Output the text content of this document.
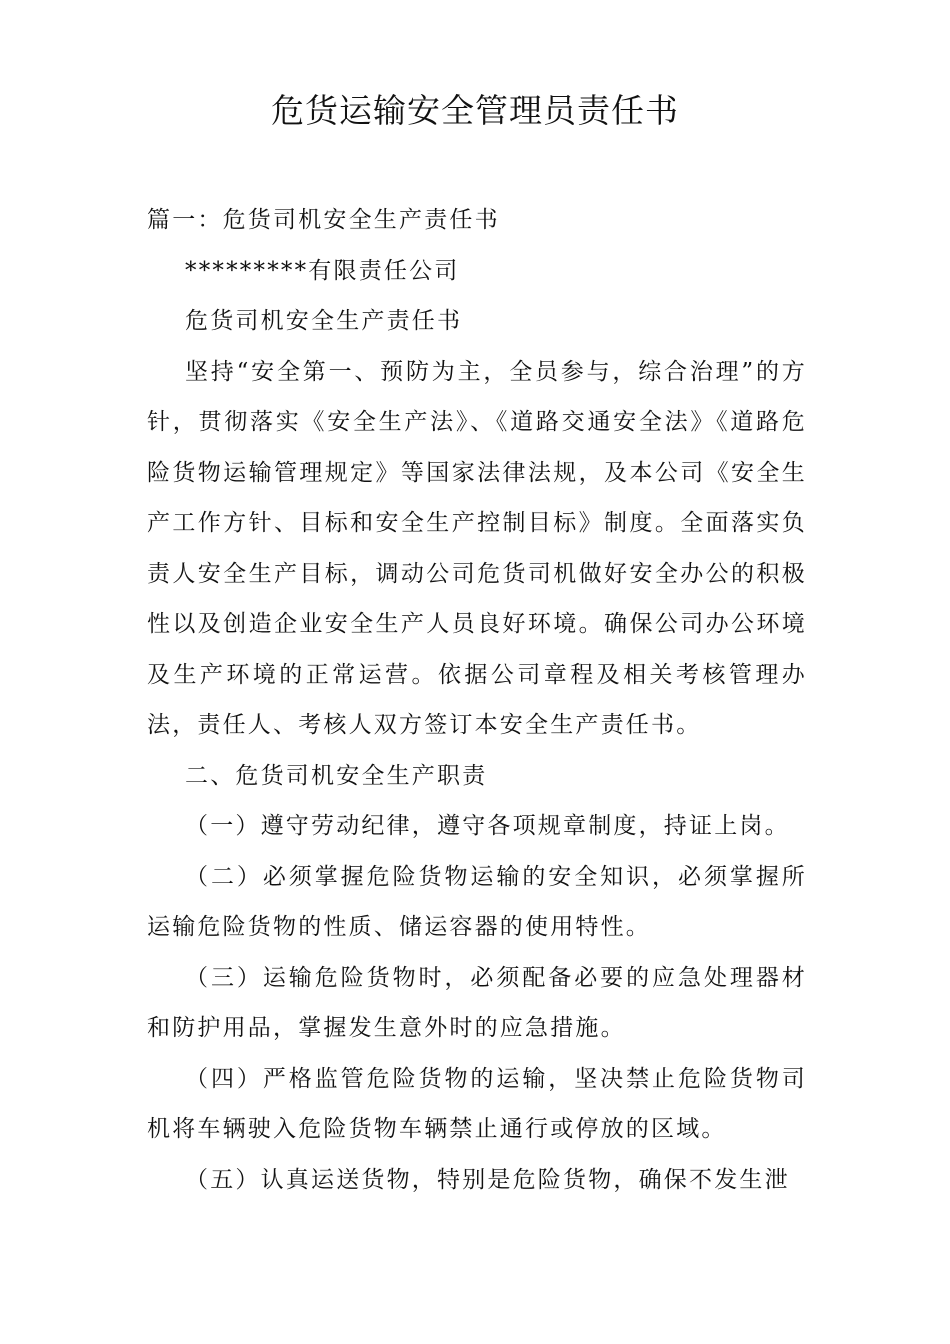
危货运输安全管理员责任书

篇一：危货司机安全生产责任书

*********有限责任公司

危货司机安全生产责任书

坚持“安全第一、预防为主，全员参与，综合治理”的方针，贯彻落实《安全生产法》、《道路交通安全法》《道路危险货物运输管理规定》等国家法律法规，及本公司《安全生产工作方针、目标和安全生产控制目标》制度。全面落实负责人安全生产目标，调动公司危货司机做好安全办公的积极性以及创造企业安全生产人员良好环境。确保公司办公环境及生产环境的正常运营。依据公司章程及相关考核管理办法，责任人、考核人双方签订本安全生产责任书。

二、危货司机安全生产职责

（一）遵守劳动纪律，遵守各项规章制度，持证上岗。

（二）必须掌握危险货物运输的安全知识，必须掌握所运输危险货物的性质、储运容器的使用特性。

（三）运输危险货物时，必须配备必要的应急处理器材和防护用品，掌握发生意外时的应急措施。

（四）严格监管危险货物的运输，坚决禁止危险货物司机将车辆驶入危险货物车辆禁止通行或停放的区域。

（五）认真运送货物，特别是危险货物，确保不发生泄
